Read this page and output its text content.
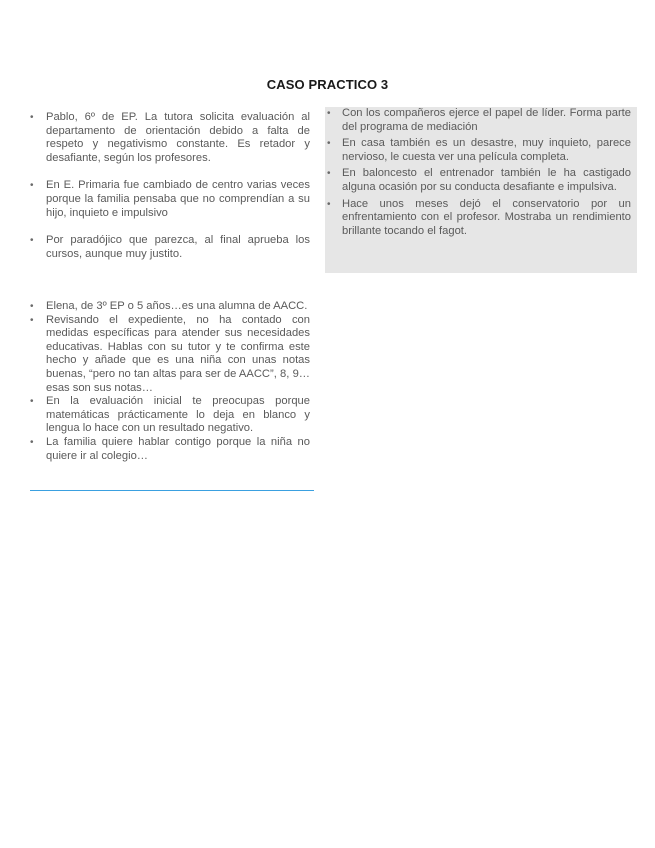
CASO PRACTICO 3
• Pablo, 6º de EP. La tutora solicita evaluación al departamento de orientación debido a falta de respeto y negativismo constante. Es retador y desafiante, según los profesores.
• En E. Primaria fue cambiado de centro varias veces porque la familia pensaba que no comprendían a su hijo, inquieto e impulsivo
• Por paradójico que parezca, al final aprueba los cursos, aunque muy justito.
• Con los compañeros ejerce el papel de líder. Forma parte del programa de mediación
• En casa también es un desastre, muy inquieto, parece nervioso, le cuesta ver una película completa.
• En baloncesto el entrenador también le ha castigado alguna ocasión por su conducta desafiante e impulsiva.
• Hace unos meses dejó el conservatorio por un enfrentamiento con el profesor. Mostraba un rendimiento brillante tocando el fagot.
• Elena, de 3º EP o 5 años…es una alumna de AACC.
• Revisando el expediente, no ha contado con medidas específicas para atender sus necesidades educativas. Hablas con su tutor y te confirma este hecho y añade que es una niña con unas notas buenas, “pero no tan altas para ser de AACC”, 8, 9…esas son sus notas…
• En la evaluación inicial te preocupas porque matemáticas prácticamente lo deja en blanco y lengua lo hace con un resultado negativo.
• La familia quiere hablar contigo porque la niña no quiere ir al colegio…
